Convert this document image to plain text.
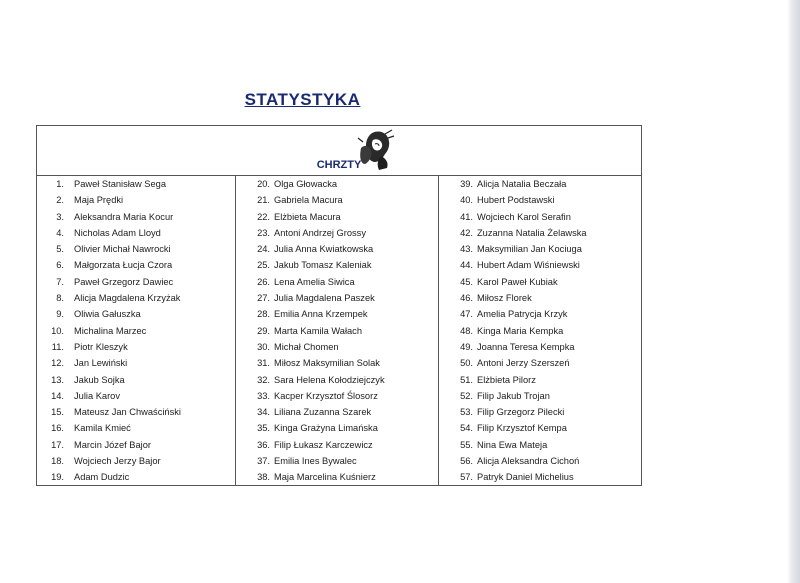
STATYSTYKA
CHRZTY
1. Paweł Stanisław Sega
2. Maja Prędki
3. Aleksandra Maria Kocur
4. Nicholas Adam Lloyd
5. Olivier Michał Nawrocki
6. Małgorzata Łucja Czora
7. Paweł Grzegorz Dawiec
8. Alicja Magdalena Krzyżak
9. Oliwia Gałuszka
10. Michalina Marzec
11. Piotr Kleszyk
12. Jan Lewiński
13. Jakub Sojka
14. Julia Karov
15. Mateusz Jan Chwaściński
16. Kamila Kmieć
17. Marcin Józef Bajor
18. Wojciech Jerzy Bajor
19. Adam Dudzic
20. Olga Głowacka
21. Gabriela Macura
22. Elżbieta Macura
23. Antoni Andrzej Grossy
24. Julia Anna Kwiatkowska
25. Jakub Tomasz Kaleniak
26. Lena Amelia Siwica
27. Julia Magdalena Paszek
28. Emilia Anna Krzempek
29. Marta Kamila Wałach
30. Michał Chomen
31. Miłosz Maksymilian Solak
32. Sara Helena Kołodziejczyk
33. Kacper Krzysztof Ślosorz
34. Liliana Zuzanna Szarek
35. Kinga Grażyna Limańska
36. Filip Łukasz Karczewicz
37. Emilia Ines Bywalec
38. Maja Marcelina Kuśnierz
39. Alicja Natalia Beczała
40. Hubert Podstawski
41. Wojciech Karol Serafin
42. Zuzanna Natalia Żelawska
43. Maksymilian Jan Kociuga
44. Hubert Adam Wiśniewski
45. Karol Paweł Kubiak
46. Miłosz Florek
47. Amelia Patrycja Krzyk
48. Kinga Maria Kempka
49. Joanna Teresa Kempka
50. Antoni Jerzy Szerszeń
51. Elżbieta Pilorz
52. Filip Jakub Trojan
53. Filip Grzegorz Pilecki
54. Filip Krzysztof Kempa
55. Nina Ewa Mateja
56. Alicja Aleksandra Cichoń
57. Patryk Daniel Michelius
